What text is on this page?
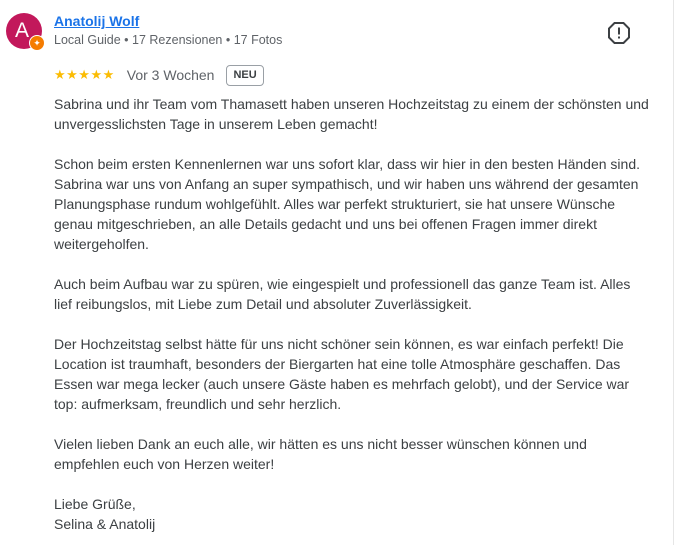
A
✦
Anatolij Wolf
Local Guide • 17 Rezensionen • 17 Fotos
★★★★★ Vor 3 Wochen	NEU

Sabrina und ihr Team vom Thamasett haben unseren Hochzeitstag zu einem der schönsten und unvergesslichsten Tage in unserem Leben gemacht!

Schon beim ersten Kennenlernen war uns sofort klar, dass wir hier in den besten Händen sind. Sabrina war uns von Anfang an super sympathisch, und wir haben uns während der gesamten Planungsphase rundum wohlgefühlt. Alles war perfekt strukturiert, sie hat unsere Wünsche genau mitgeschrieben, an alle Details gedacht und uns bei offenen Fragen immer direkt weitergeholfen.

Auch beim Aufbau war zu spüren, wie eingespielt und professionell das ganze Team ist. Alles lief reibungslos, mit Liebe zum Detail und absoluter Zuverlässigkeit.

Der Hochzeitstag selbst hätte für uns nicht schöner sein können, es war einfach perfekt! Die Location ist traumhaft, besonders der Biergarten hat eine tolle Atmosphäre geschaffen. Das Essen war mega lecker (auch unsere Gäste haben es mehrfach gelobt), und der Service war top: aufmerksam, freundlich und sehr herzlich.

Vielen lieben Dank an euch alle, wir hätten es uns nicht besser wünschen können und empfehlen euch von Herzen weiter!

Liebe Grüße,
Selina & Anatolij
